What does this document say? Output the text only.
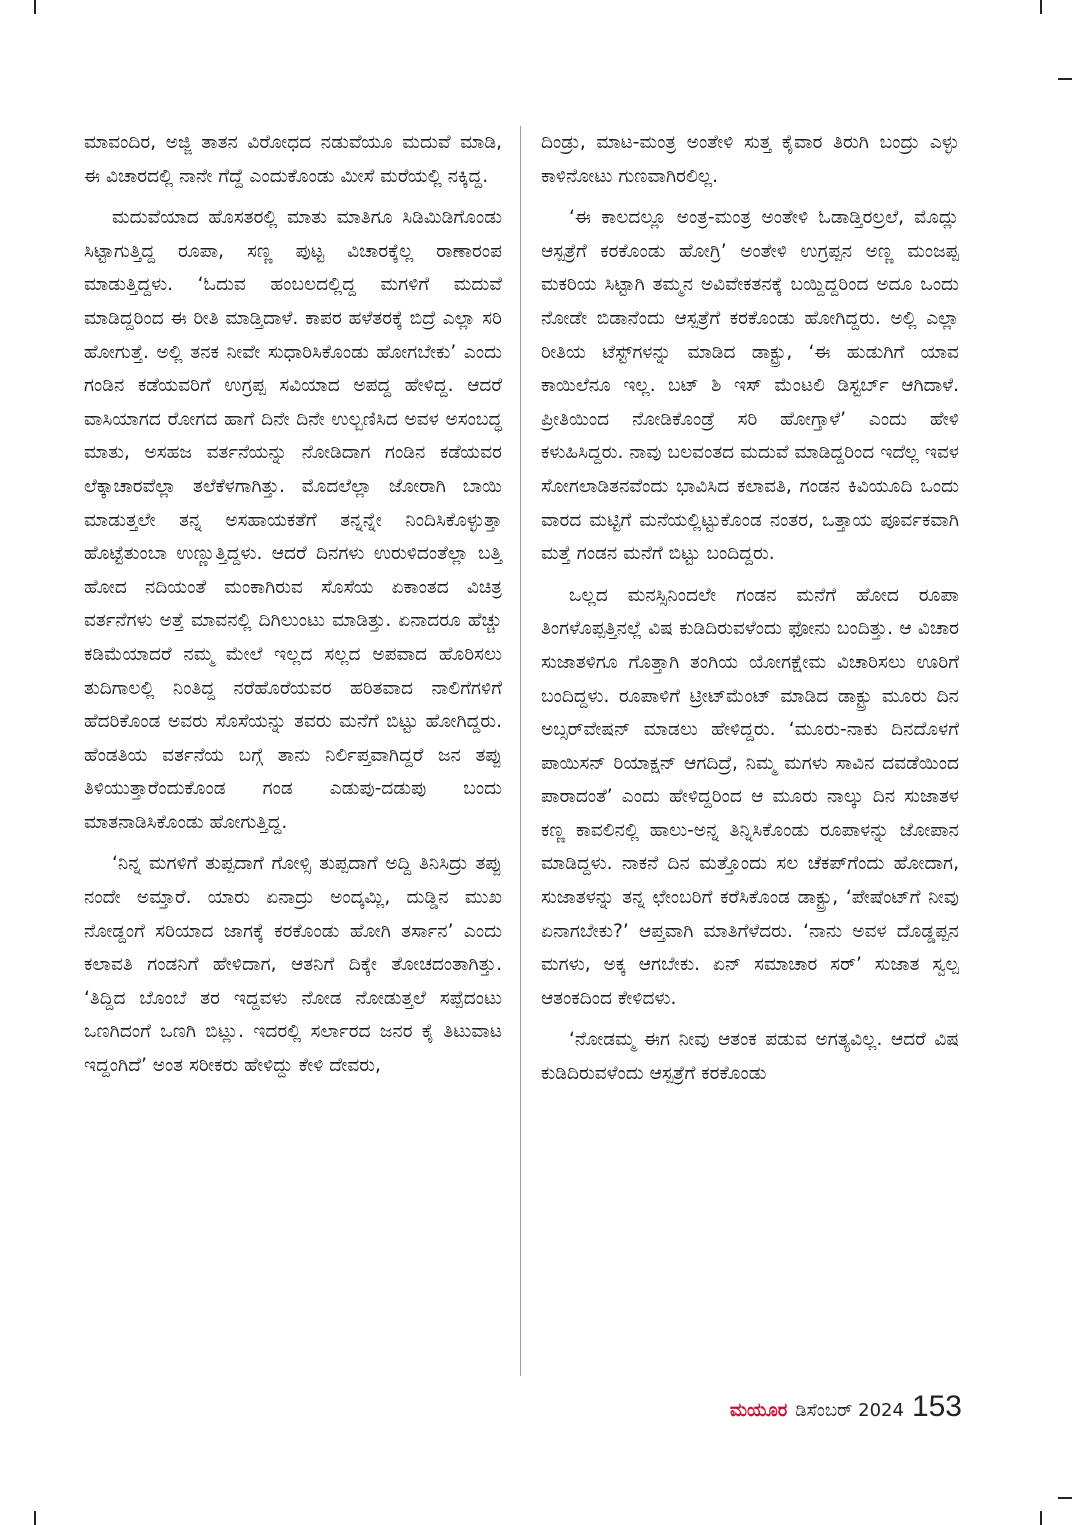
ಮಾವಂದಿರ, ಅಜ್ಜಿ ತಾತನ ವಿರೋಧದ ನಡುವೆಯೂ ಮದುವೆ ಮಾಡಿ, ಈ ವಿಚಾರದಲ್ಲಿ ನಾನೇ ಗೆದ್ದೆ ಎಂದುಕೊಂಡು ಮೀಸೆ ಮರೆಯಲ್ಲಿ ನಕ್ಕಿದ್ದ.

ಮದುವೆಯಾದ ಹೊಸತರಲ್ಲಿ ಮಾತು ಮಾತಿಗೂ ಸಿಡಿಮಿಡಿಗೊಂಡು ಸಿಟ್ಟಾಗುತ್ತಿದ್ದ ರೂಪಾ, ಸಣ್ಣ ಪುಟ್ಟ ವಿಚಾರಕ್ಕೆಲ್ಲ ರಾಣಾರಂಪ ಮಾಡುತ್ತಿದ್ದಳು. ‘ಓದುವ ಹಂಬಲದಲ್ಲಿದ್ದ ಮಗಳಿಗೆ ಮದುವೆ ಮಾಡಿದ್ದರಿಂದ ಈ ರೀತಿ ಮಾಡ್ತಿದಾಳೆ. ಕಾಪರ ಹಳೆತರಕ್ಕೆ ಬಿದ್ರೆ ಎಲ್ಲಾ ಸರಿ ಹೋಗುತ್ತೆ. ಅಲ್ಲಿ ತನಕ ನೀವೇ ಸುಧಾರಿಸಿಕೊಂಡು ಹೋಗಬೇಕು’ ಎಂದು ಗಂಡಿನ ಕಡೆಯವರಿಗೆ ಉಗ್ರಪ್ಪ ಸವಿಯಾದ ಅಪದ್ದ ಹೇಳಿದ್ದ. ಆದರೆ ವಾಸಿಯಾಗದ ರೋಗದ ಹಾಗೆ ದಿನೇ ದಿನೇ ಉಲ್ಬಣಿಸಿದ ಅವಳ ಅಸಂಬದ್ಧ ಮಾತು, ಅಸಹಜ ವರ್ತನೆಯನ್ನು ನೋಡಿದಾಗ ಗಂಡಿನ ಕಡೆಯವರ ಲೆಕ್ಕಾಚಾರವೆಲ್ಲಾ ತಲೆಕೆಳಗಾಗಿತ್ತು. ಮೊದಲೆಲ್ಲಾ ಜೋರಾಗಿ ಬಾಯಿ ಮಾಡುತ್ತಲೇ ತನ್ನ ಅಸಹಾಯಕತೆಗೆ ತನ್ನನ್ನೇ ನಿಂದಿಸಿಕೊಳ್ಳುತ್ತಾ ಹೊಟ್ಟೆತುಂಬಾ ಉಣ್ಣುತ್ತಿದ್ದಳು. ಆದರೆ ದಿನಗಳು ಉರುಳಿದಂತೆಲ್ಲಾ ಬತ್ತಿ ಹೋದ ನದಿಯಂತೆ ಮಂಕಾಗಿರುವ ಸೊಸೆಯ ಏಕಾಂತದ ವಿಚಿತ್ರ ವರ್ತನೆಗಳು ಅತ್ತೆ ಮಾವನಲ್ಲಿ ದಿಗಿಲುಂಟು ಮಾಡಿತ್ತು. ಏನಾದರೂ ಹೆಚ್ಚು ಕಡಿಮೆಯಾದರೆ ನಮ್ಮ ಮೇಲೆ ಇಲ್ಲದ ಸಲ್ಲದ ಅಪವಾದ ಹೊರಿಸಲು ತುದಿಗಾಲಲ್ಲಿ ನಿಂತಿದ್ದ ನರೆಹೊರೆಯವರ ಹರಿತವಾದ ನಾಲಿಗೆಗಳಿಗೆ ಹೆದರಿಕೊಂಡ ಅವರು ಸೊಸೆಯನ್ನು ತವರು ಮನೆಗೆ ಬಿಟ್ಟು ಹೋಗಿದ್ದರು. ಹೆಂಡತಿಯ ವರ್ತನೆಯ ಬಗ್ಗೆ ತಾನು ನಿರ್ಲಿಪ್ತವಾಗಿದ್ದರೆ ಜನ ತಪ್ಪು ತಿಳಿಯುತ್ತಾರೆಂದುಕೊಂಡ ಗಂಡ ಎಡುಪು-ದಡುಪು ಬಂದು ಮಾತನಾಡಿಸಿಕೊಂಡು ಹೋಗುತ್ತಿದ್ದ.

‘ನಿನ್ನ ಮಗಳಿಗೆ ತುಪ್ಪದಾಗೆ ಗೋಳ್ಸಿ ತುಪ್ಪದಾಗೆ ಅದ್ದಿ ತಿನಿಸಿದ್ರು ತಪ್ಪು ನಂದೇ ಅಮ್ತಾರೆ. ಯಾರು ಏನಾದ್ರು ಅಂದ್ಕಮ್ಲಿ, ದುಡ್ಡಿನ ಮುಖ ನೋಡ್ದಂಗೆ ಸರಿಯಾದ ಜಾಗಕ್ಕೆ ಕರಕೊಂಡು ಹೋಗಿ ತರ್ಸಾನ’ ಎಂದು ಕಲಾವತಿ ಗಂಡನಿಗೆ ಹೇಳಿದಾಗ, ಆತನಿಗೆ ದಿಕ್ಕೇ ತೋಚದಂತಾಗಿತ್ತು. ‘ತಿದ್ದಿದ ಬೊಂಬೆ ತರ ಇದ್ದವಳು ನೋಡ ನೋಡುತ್ತಲೆ ಸಪ್ಪೆದಂಟು ಒಣಗಿದಂಗೆ ಒಣಗಿ ಬಿಟ್ಲು. ಇದರಲ್ಲಿ ಸರ್ಲಾರದ ಜನರ ಕೈ ತಿಟುವಾಟ ಇದ್ದಂಗಿದೆ’ ಅಂತ ಸರೀಕರು ಹೇಳಿದ್ದು ಕೇಳಿ ದೇವರು,

ದಿಂಡ್ರು, ಮಾಟ-ಮಂತ್ರ ಅಂತೇಳಿ ಸುತ್ತ ಕೈವಾರ ತಿರುಗಿ ಬಂದ್ರು ಎಳ್ಳು ಕಾಳಿನೋಟು ಗುಣವಾಗಿರಲಿಲ್ಲ.

‘ಈ ಕಾಲದಲ್ಲೂ ಅಂತ್ರ-ಮಂತ್ರ ಅಂತೇಳಿ ಓಡಾಡ್ತಿರಲ್ರಲೆ, ಮೊದ್ಲು ಆಸ್ಪತ್ರೆಗೆ ಕರಕೊಂಡು ಹೋಗ್ರಿ’ ಅಂತೇಳಿ ಉಗ್ರಪ್ಪನ ಅಣ್ಣ ಮಂಜಪ್ಪ ಮಕರಿಯ ಸಿಟ್ಟಾಗಿ ತಮ್ಮನ ಅವಿವೇಕತನಕ್ಕೆ ಬಯ್ದಿದ್ದರಿಂದ ಅದೂ ಒಂದು ನೋಡೇ ಬಿಡಾನೆಂದು ಆಸ್ಪತ್ರೆಗೆ ಕರಕೊಂಡು ಹೋಗಿದ್ದರು. ಅಲ್ಲಿ ಎಲ್ಲಾ ರೀತಿಯ ಟೆಸ್ಟ್‌ಗಳನ್ನು ಮಾಡಿದ ಡಾಕ್ಟ್ರು, ‘ಈ ಹುಡುಗಿಗೆ ಯಾವ ಕಾಯಿಲೆನೂ ಇಲ್ಲ. ಬಟ್ ಶಿ ಇಸ್ ಮೆಂಟಲಿ ಡಿಸ್ಟರ್ಬ್ ಆಗಿದಾಳೆ. ಪ್ರೀತಿಯಿಂದ ನೋಡಿಕೊಂಡ್ರೆ ಸರಿ ಹೋಗ್ತಾಳೆ’ ಎಂದು ಹೇಳಿ ಕಳುಹಿಸಿದ್ದರು. ನಾವು ಬಲವಂತದ ಮದುವೆ ಮಾಡಿದ್ದರಿಂದ ಇದೆಲ್ಲ ಇವಳ ಸೋಗಲಾಡಿತನವೆಂದು ಭಾವಿಸಿದ ಕಲಾವತಿ, ಗಂಡನ ಕಿವಿಯೂದಿ ಒಂದು ವಾರದ ಮಟ್ಟಿಗೆ ಮನೆಯಲ್ಲಿಟ್ಟುಕೊಂಡ ನಂತರ, ಒತ್ತಾಯ ಪೂರ್ವಕವಾಗಿ ಮತ್ತೆ ಗಂಡನ ಮನೆಗೆ ಬಿಟ್ಟು ಬಂದಿದ್ದರು.

ಒಲ್ಲದ ಮನಸ್ಸಿನಿಂದಲೇ ಗಂಡನ ಮನೆಗೆ ಹೋದ ರೂಪಾ ತಿಂಗಳೊಪ್ಪತ್ತಿನಲ್ಲೆ ವಿಷ ಕುಡಿದಿರುವಳೆಂದು ಫೋನು ಬಂದಿತ್ತು. ಆ ವಿಚಾರ ಸುಜಾತಳಿಗೂ ಗೊತ್ತಾಗಿ ತಂಗಿಯ ಯೋಗಕ್ಷೇಮ ವಿಚಾರಿಸಲು ಊರಿಗೆ ಬಂದಿದ್ದಳು. ರೂಪಾಳಿಗೆ ಟ್ರೀಟ್‌ಮೆಂಟ್ ಮಾಡಿದ ಡಾಕ್ಟ್ರು ಮೂರು ದಿನ ಅಬ್ಸರ್‌ವೇಷನ್ ಮಾಡಲು ಹೇಳಿದ್ದರು. ‘ಮೂರು-ನಾಕು ದಿನದೊಳಗೆ ಪಾಯಿಸನ್ ರಿಯಾಕ್ಷನ್ ಆಗದಿದ್ರೆ, ನಿಮ್ಮ ಮಗಳು ಸಾವಿನ ದವಡೆಯಿಂದ ಪಾರಾದಂತೆ’ ಎಂದು ಹೇಳಿದ್ದರಿಂದ ಆ ಮೂರು ನಾಲ್ಕು ದಿನ ಸುಜಾತಳ ಕಣ್ಣ ಕಾವಲಿನಲ್ಲಿ ಹಾಲು-ಅನ್ನ ತಿನ್ನಿಸಿಕೊಂಡು ರೂಪಾಳನ್ನು ಜೋಪಾನ ಮಾಡಿದ್ದಳು. ನಾಕನೆ ದಿನ ಮತ್ತೊಂದು ಸಲ ಚೆಕಪ್‌ಗೆಂದು ಹೋದಾಗ, ಸುಜಾತಳನ್ನು ತನ್ನ ಛೇಂಬರಿಗೆ ಕರೆಸಿಕೊಂಡ ಡಾಕ್ಟ್ರು, ‘ಪೇಷೆಂಟ್‌ಗೆ ನೀವು ಏನಾಗಬೇಕು?’ ಆಪ್ತವಾಗಿ ಮಾತಿಗೆಳೆದರು. ‘ನಾನು ಅವಳ ದೊಡ್ಡಪ್ಪನ ಮಗಳು, ಅಕ್ಕ ಆಗಬೇಕು. ಏನ್ ಸಮಾಚಾರ ಸರ್’ ಸುಜಾತ ಸ್ವಲ್ಪ ಆತಂಕದಿಂದ ಕೇಳಿದಳು.

‘ನೋಡಮ್ಮ ಈಗ ನೀವು ಆತಂಕ ಪಡುವ ಅಗತ್ಯವಿಲ್ಲ. ಆದರೆ ವಿಷ ಕುಡಿದಿರುವಳೆಂದು ಆಸ್ಪತ್ರೆಗೆ ಕರಕೊಂಡು

ಮಯೂರ ಡಿಸೆಂಬರ್ 2024 153
